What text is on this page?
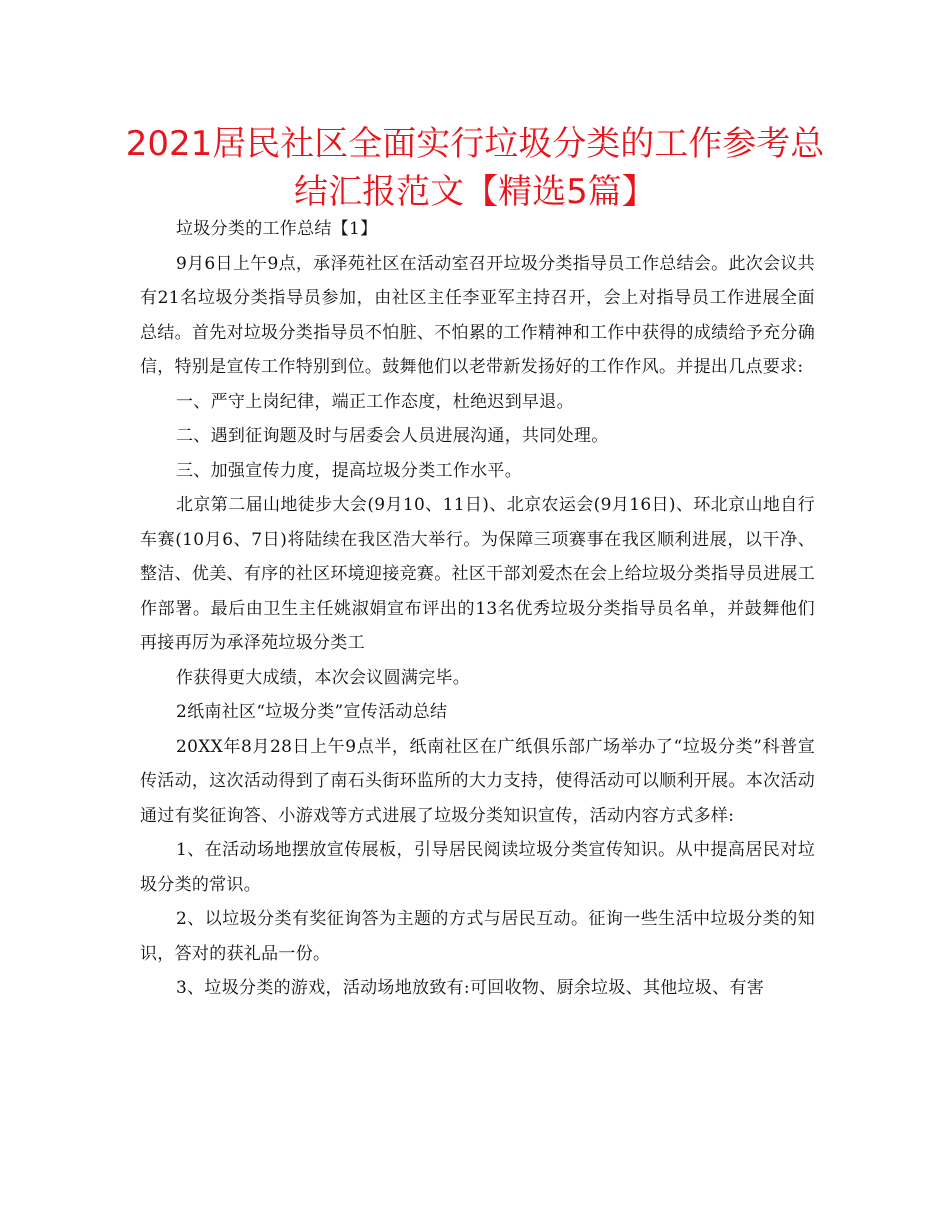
2021居民社区全面实行垃圾分类的工作参考总
结汇报范文【精选5篇】

垃圾分类的工作总结【1】

9月6日上午9点，承泽苑社区在活动室召开垃圾分类指导员工作总结会。此次会议共有21名垃圾分类指导员参加，由社区主任李亚军主持召开，会上对指导员工作进展全面总结。首先对垃圾分类指导员不怕脏、不怕累的工作精神和工作中获得的成绩给予充分确信，特别是宣传工作特别到位。鼓舞他们以老带新发扬好的工作作风。并提出几点要求:

一、严守上岗纪律，端正工作态度，杜绝迟到早退。

二、遇到征询题及时与居委会人员进展沟通，共同处理。

三、加强宣传力度，提高垃圾分类工作水平。

北京第二届山地徒步大会(9月10、11日)、北京农运会(9月16日)、环北京山地自行车赛(10月6、7日)将陆续在我区浩大举行。为保障三项赛事在我区顺利进展，以干净、整洁、优美、有序的社区环境迎接竞赛。社区干部刘爱杰在会上给垃圾分类指导员进展工作部署。最后由卫生主任姚淑娟宣布评出的13名优秀垃圾分类指导员名单，并鼓舞他们再接再厉为承泽苑垃圾分类工

作获得更大成绩，本次会议圆满完毕。

2纸南社区“垃圾分类”宣传活动总结

20XX年8月28日上午9点半，纸南社区在广纸俱乐部广场举办了“垃圾分类”科普宣传活动，这次活动得到了南石头街环监所的大力支持，使得活动可以顺利开展。本次活动通过有奖征询答、小游戏等方式进展了垃圾分类知识宣传，活动内容方式多样:

1、在活动场地摆放宣传展板，引导居民阅读垃圾分类宣传知识。从中提高居民对垃圾分类的常识。

2、以垃圾分类有奖征询答为主题的方式与居民互动。征询一些生活中垃圾分类的知识，答对的获礼品一份。

3、垃圾分类的游戏，活动场地放致有:可回收物、厨余垃圾、其他垃圾、有害
